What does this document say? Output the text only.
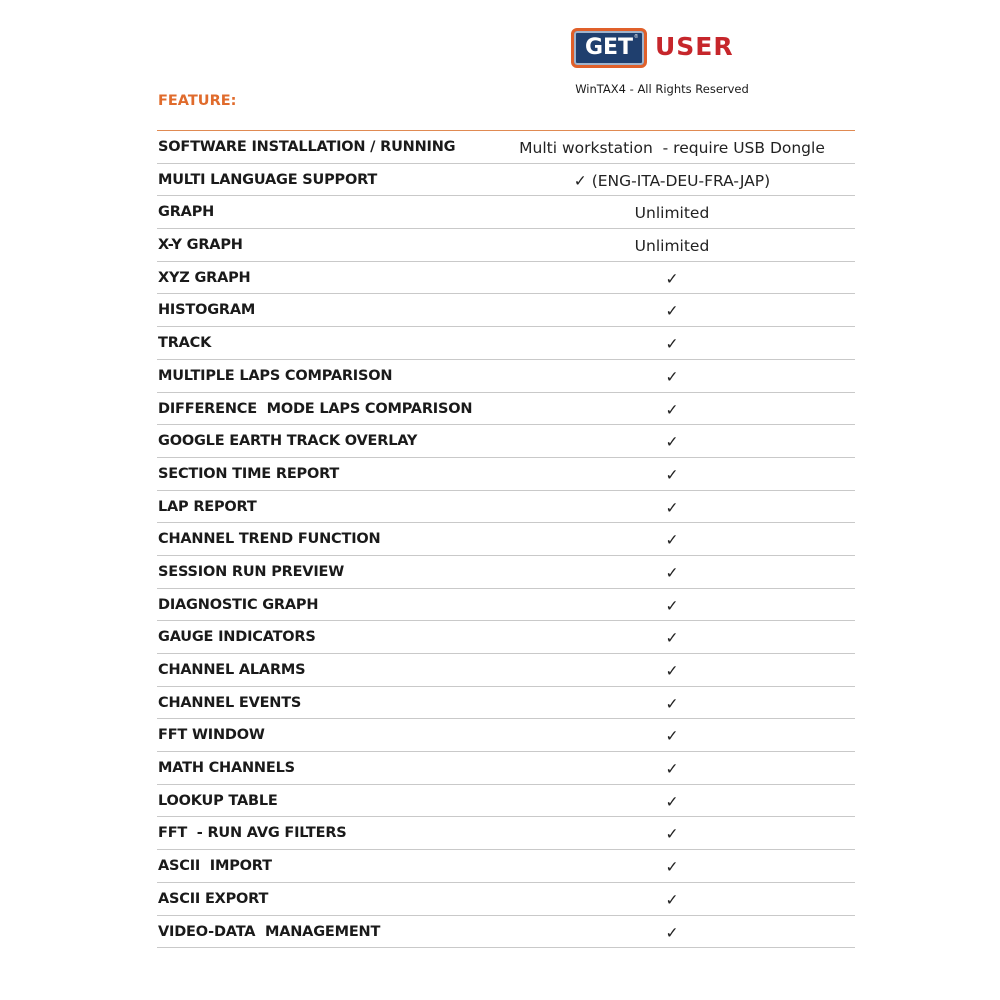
GET ® USER
WinTAX4 - All Rights Reserved
FEATURE:
SOFTWARE INSTALLATION / RUNNING	Multi workstation  - require USB Dongle
MULTI LANGUAGE SUPPORT	✓ (ENG-ITA-DEU-FRA-JAP)
GRAPH	Unlimited
X-Y GRAPH	Unlimited
XYZ GRAPH	✓
HISTOGRAM	✓
TRACK	✓
MULTIPLE LAPS COMPARISON	✓
DIFFERENCE  MODE LAPS COMPARISON	✓
GOOGLE EARTH TRACK OVERLAY	✓
SECTION TIME REPORT	✓
LAP REPORT	✓
CHANNEL TREND FUNCTION	✓
SESSION RUN PREVIEW	✓
DIAGNOSTIC GRAPH	✓
GAUGE INDICATORS	✓
CHANNEL ALARMS	✓
CHANNEL EVENTS	✓
FFT WINDOW	✓
MATH CHANNELS	✓
LOOKUP TABLE	✓
FFT  - RUN AVG FILTERS	✓
ASCII  IMPORT	✓
ASCII EXPORT	✓
VIDEO-DATA  MANAGEMENT	✓
